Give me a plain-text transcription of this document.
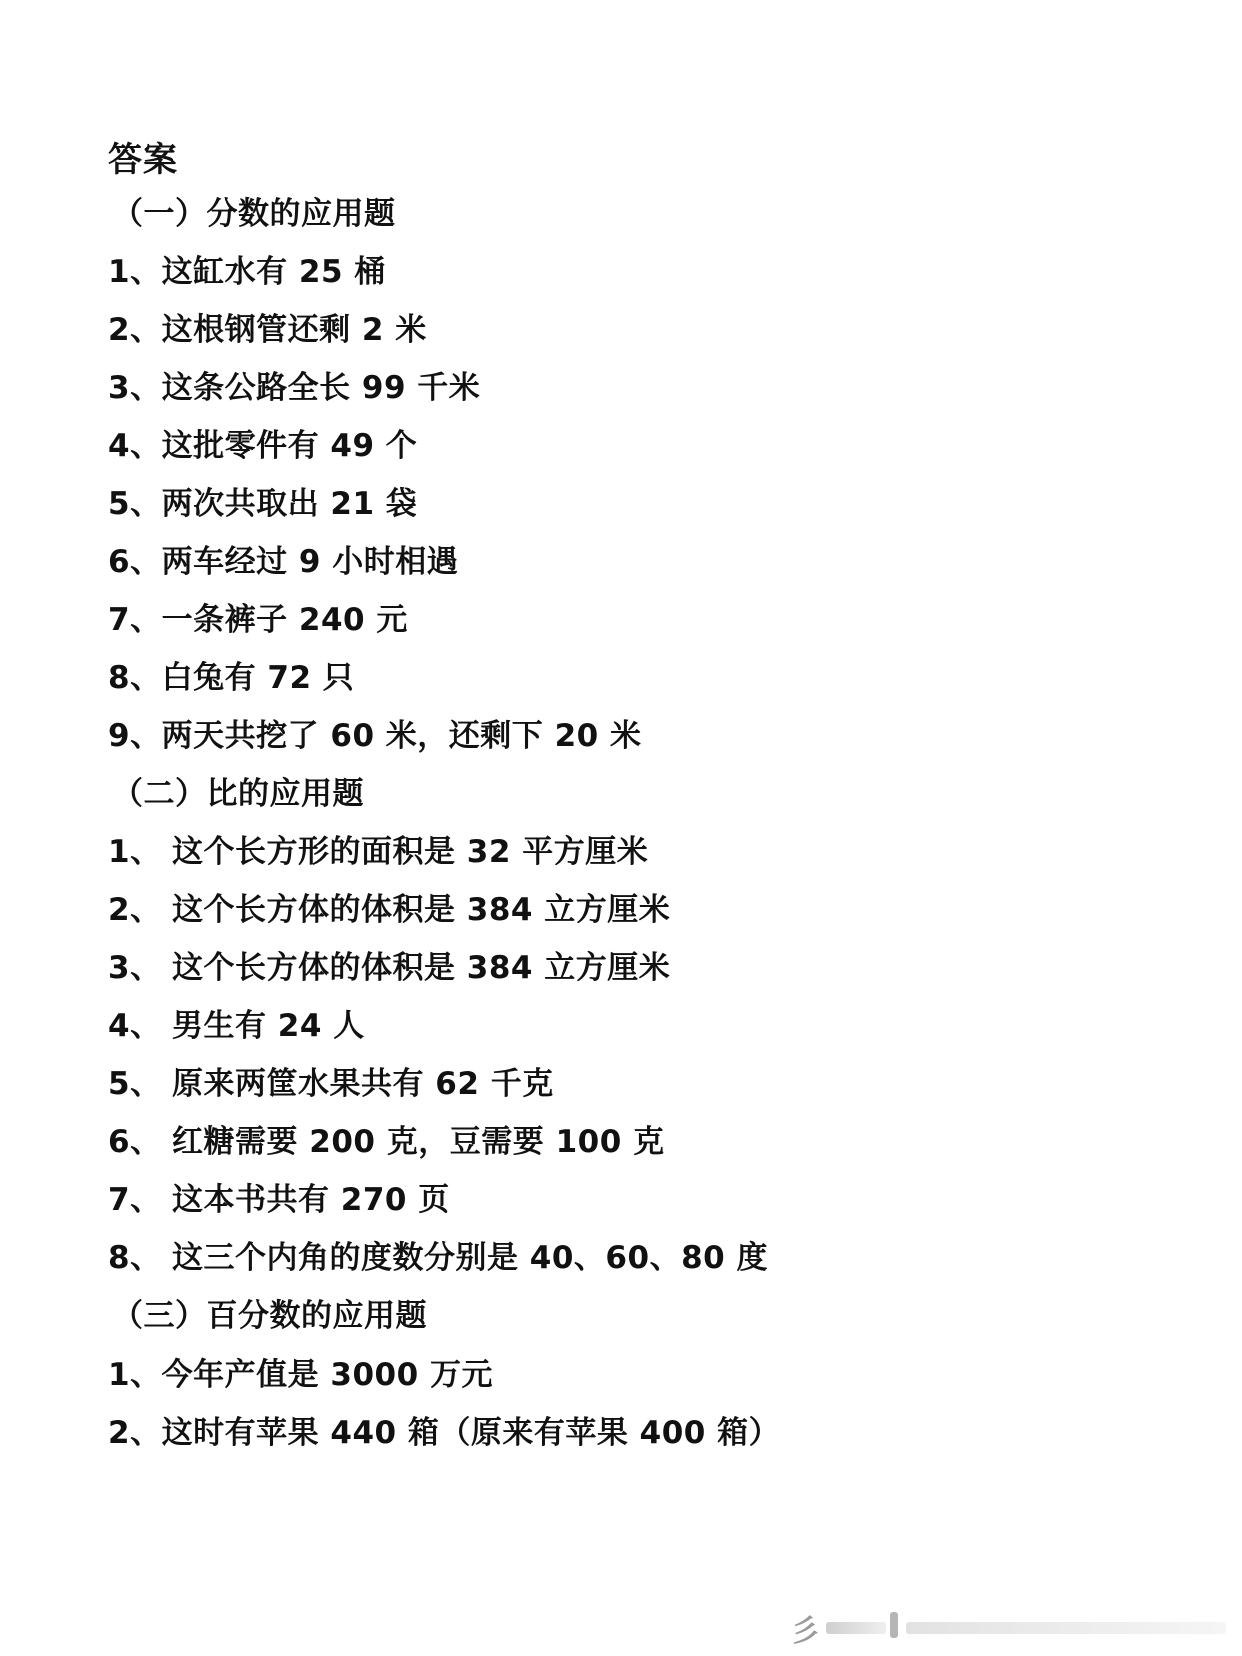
答案
（一）分数的应用题
1、这缸水有 25 桶
2、这根钢管还剩 2 米
3、这条公路全长 99 千米
4、这批零件有 49 个
5、两次共取出 21 袋
6、两车经过 9 小时相遇
7、一条裤子 240 元
8、白兔有 72 只
9、两天共挖了 60 米，还剩下 20 米
（二）比的应用题
1、 这个长方形的面积是 32 平方厘米
2、 这个长方体的体积是 384 立方厘米
3、 这个长方体的体积是 384 立方厘米
4、 男生有 24 人
5、 原来两筐水果共有 62 千克
6、 红糖需要 200 克，豆需要 100 克
7、 这本书共有 270 页
8、 这三个内角的度数分别是 40、60、80 度
（三）百分数的应用题
1、今年产值是 3000 万元
2、这时有苹果 440 箱（原来有苹果 400 箱）
彡
